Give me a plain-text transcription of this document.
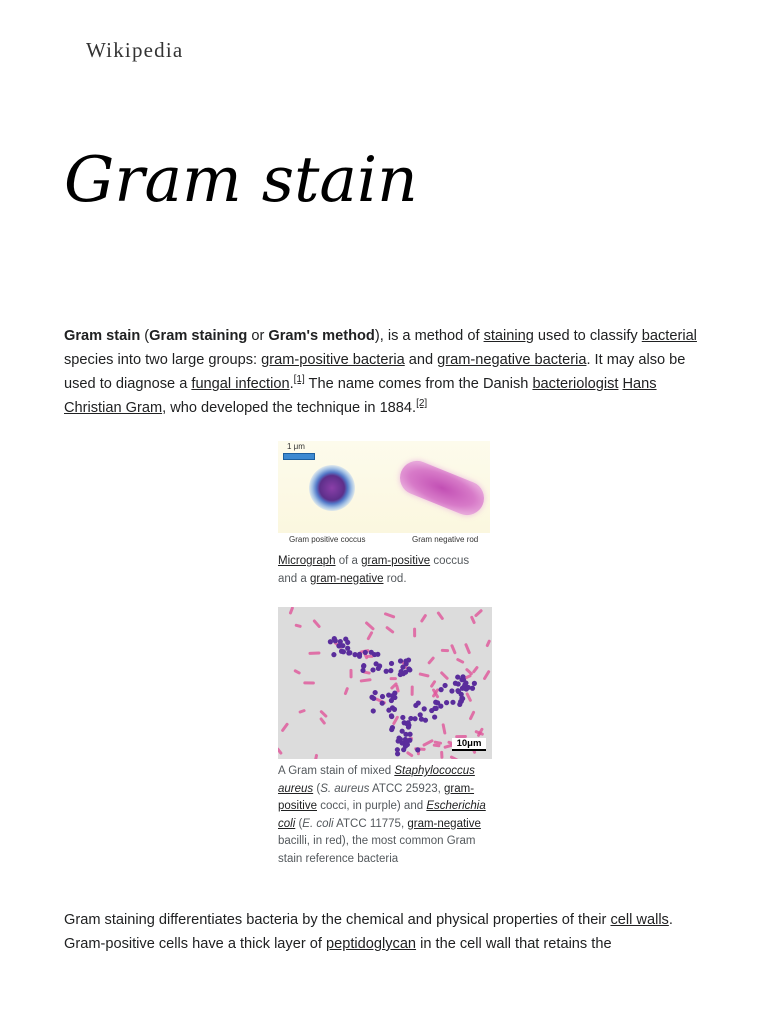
Wikipedia
Gram stain

Gram stain (Gram staining or Gram's method), is a method of staining used to classify bacterial species into two large groups: gram-positive bacteria and gram-negative bacteria. It may also be used to diagnose a fungal infection.[1] The name comes from the Danish bacteriologist Hans Christian Gram, who developed the technique in 1884.[2]

1 μm
Gram positive coccus	Gram negative rod
Micrograph of a gram-positive coccus and a gram-negative rod.
10μm
A Gram stain of mixed Staphylococcus aureus (S. aureus ATCC 25923, gram-positive cocci, in purple) and Escherichia coli (E. coli ATCC 11775, gram-negative bacilli, in red), the most common Gram stain reference bacteria

Gram staining differentiates bacteria by the chemical and physical properties of their cell walls. Gram-positive cells have a thick layer of peptidoglycan in the cell wall that retains the
